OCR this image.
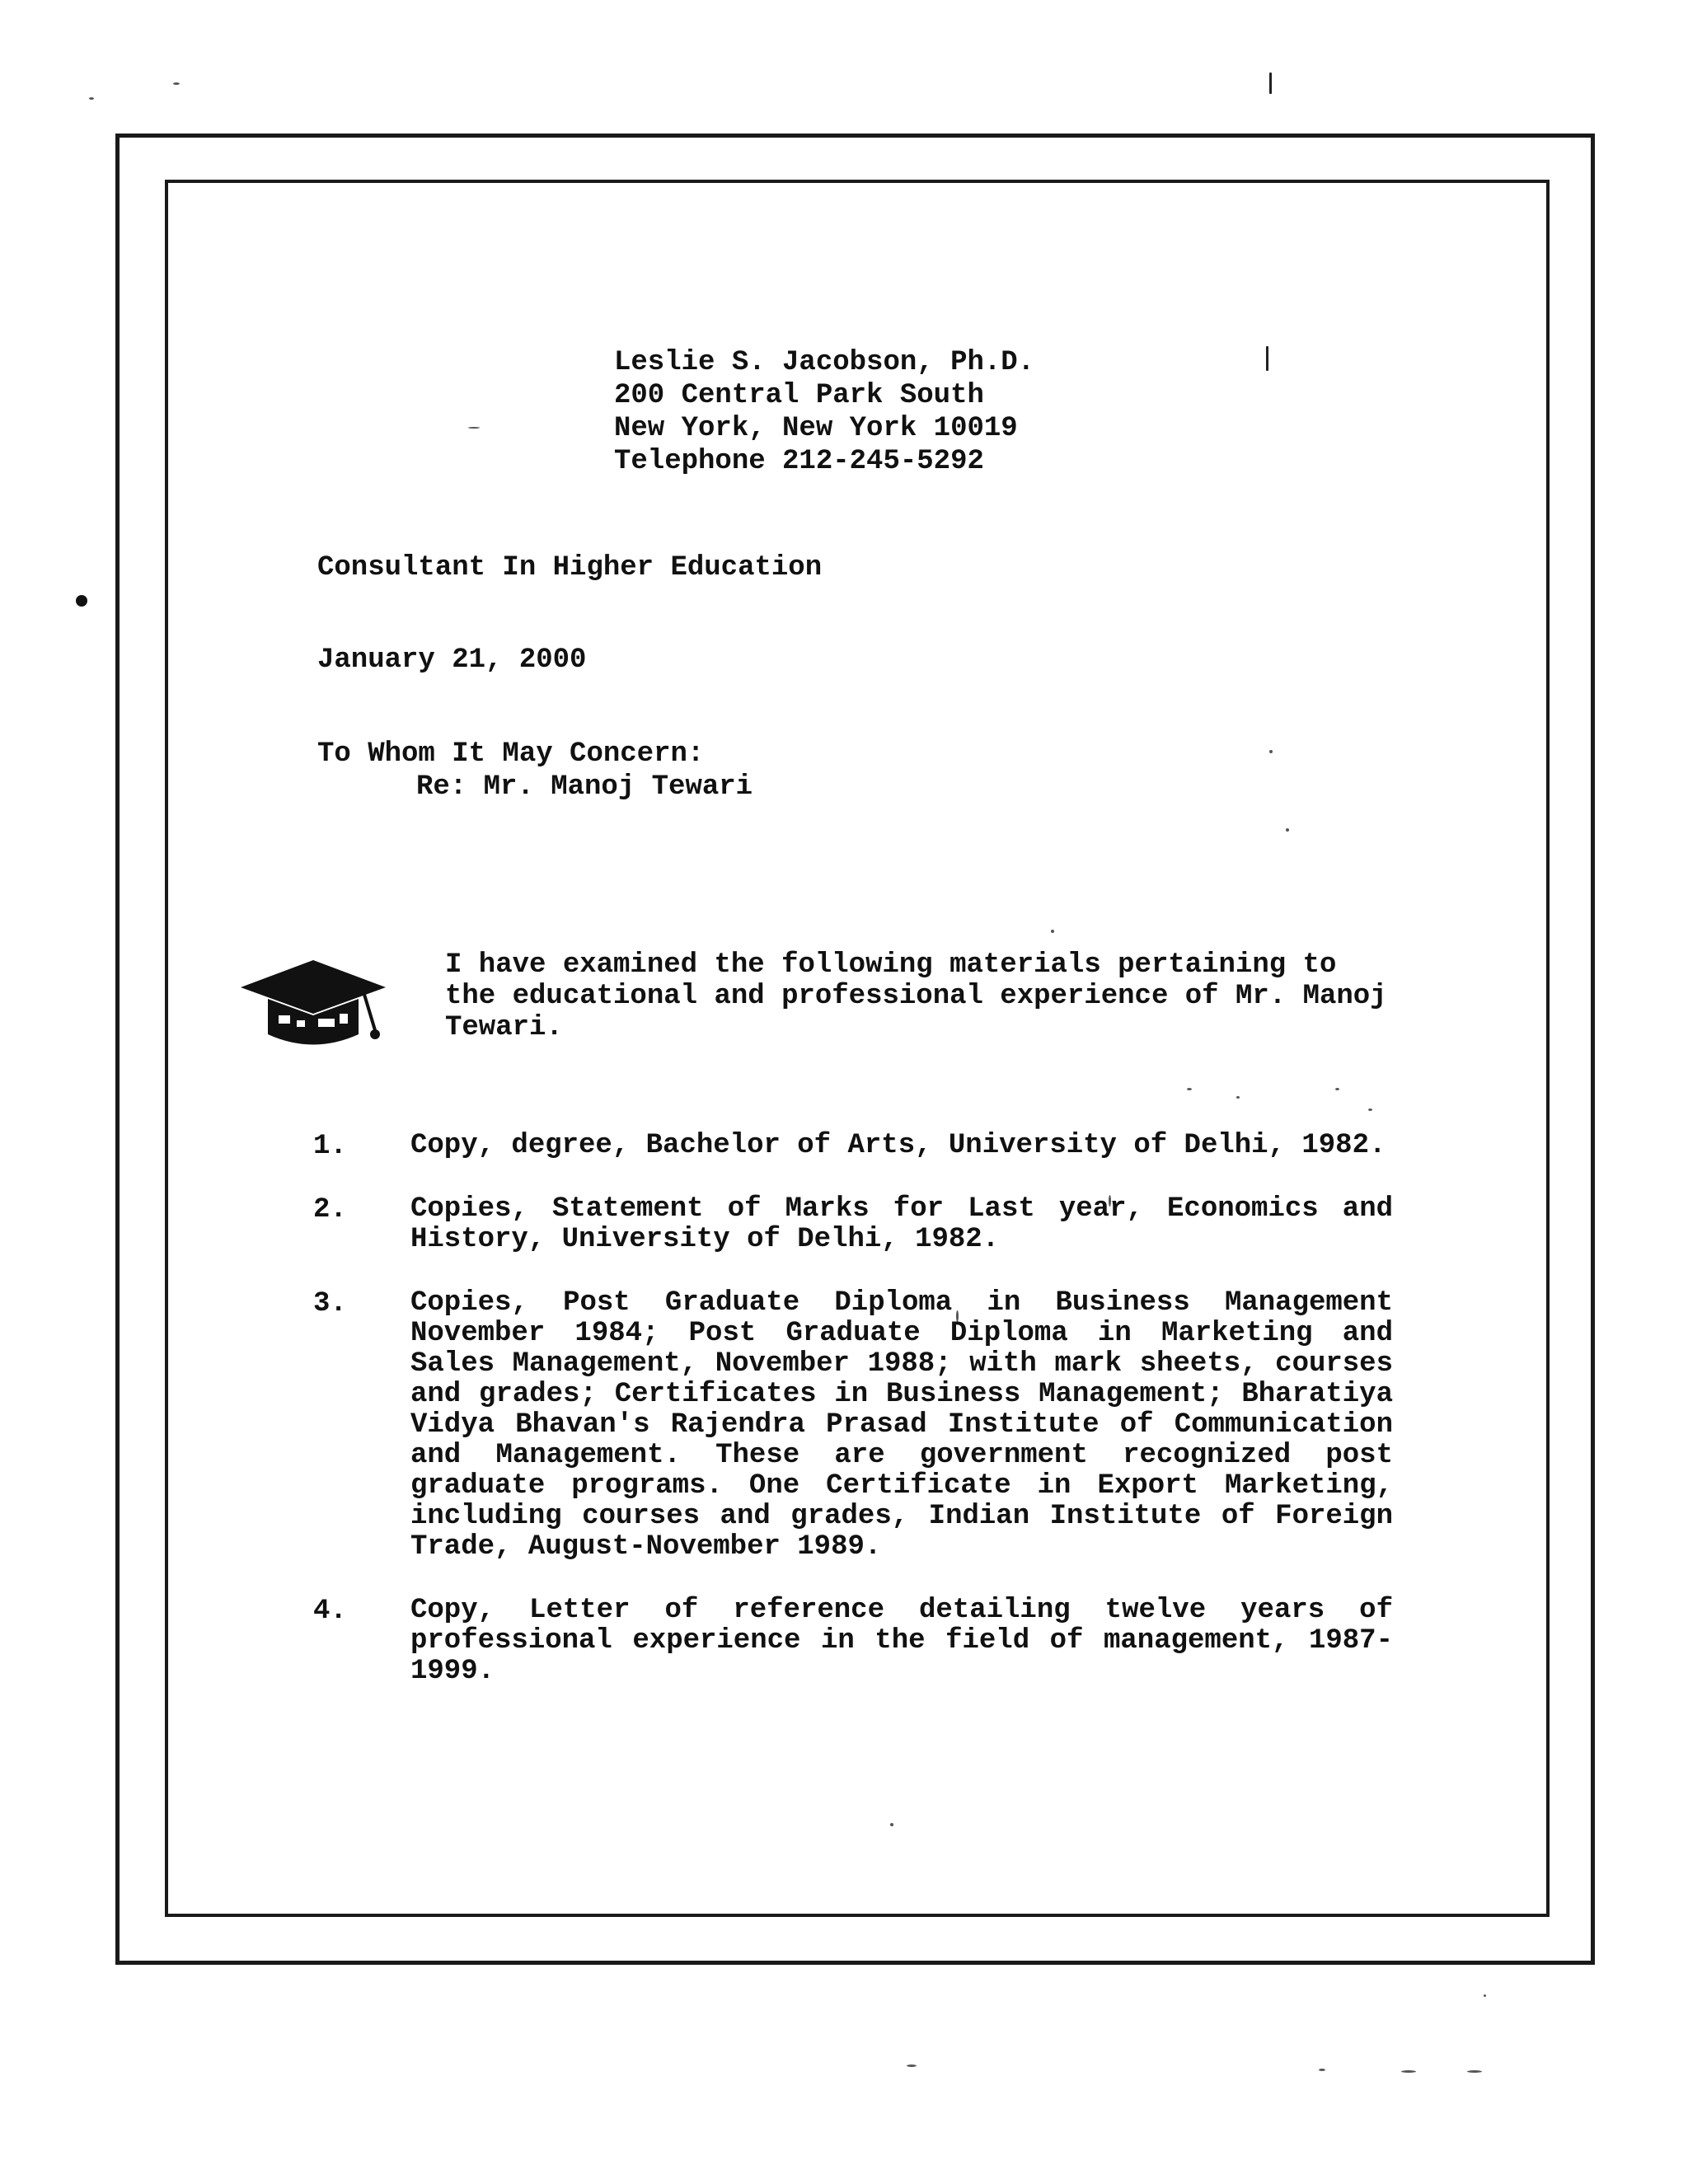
Leslie S. Jacobson, Ph.D.
200 Central Park South
New York, New York 10019
Telephone 212-245-5292
Consultant In Higher Education
January 21, 2000
To Whom It May Concern:
Re: Mr. Manoj Tewari
I have examined the following materials pertaining to the educational and professional experience of Mr. Manoj Tewari.
1. Copy, degree, Bachelor of Arts, University of Delhi, 1982.
2. Copies, Statement of Marks for Last year, Economics and History, University of Delhi, 1982.
3. Copies, Post Graduate Diploma in Business Management November 1984; Post Graduate Diploma in Marketing and Sales Management, November 1988; with mark sheets, courses and grades; Certificates in Business Management; Bharatiya Vidya Bhavan's Rajendra Prasad Institute of Communication and Management. These are government recognized post graduate programs. One Certificate in Export Marketing, including courses and grades, Indian Institute of Foreign Trade, August-November 1989.
4. Copy, Letter of reference detailing twelve years of professional experience in the field of management, 1987-1999.
